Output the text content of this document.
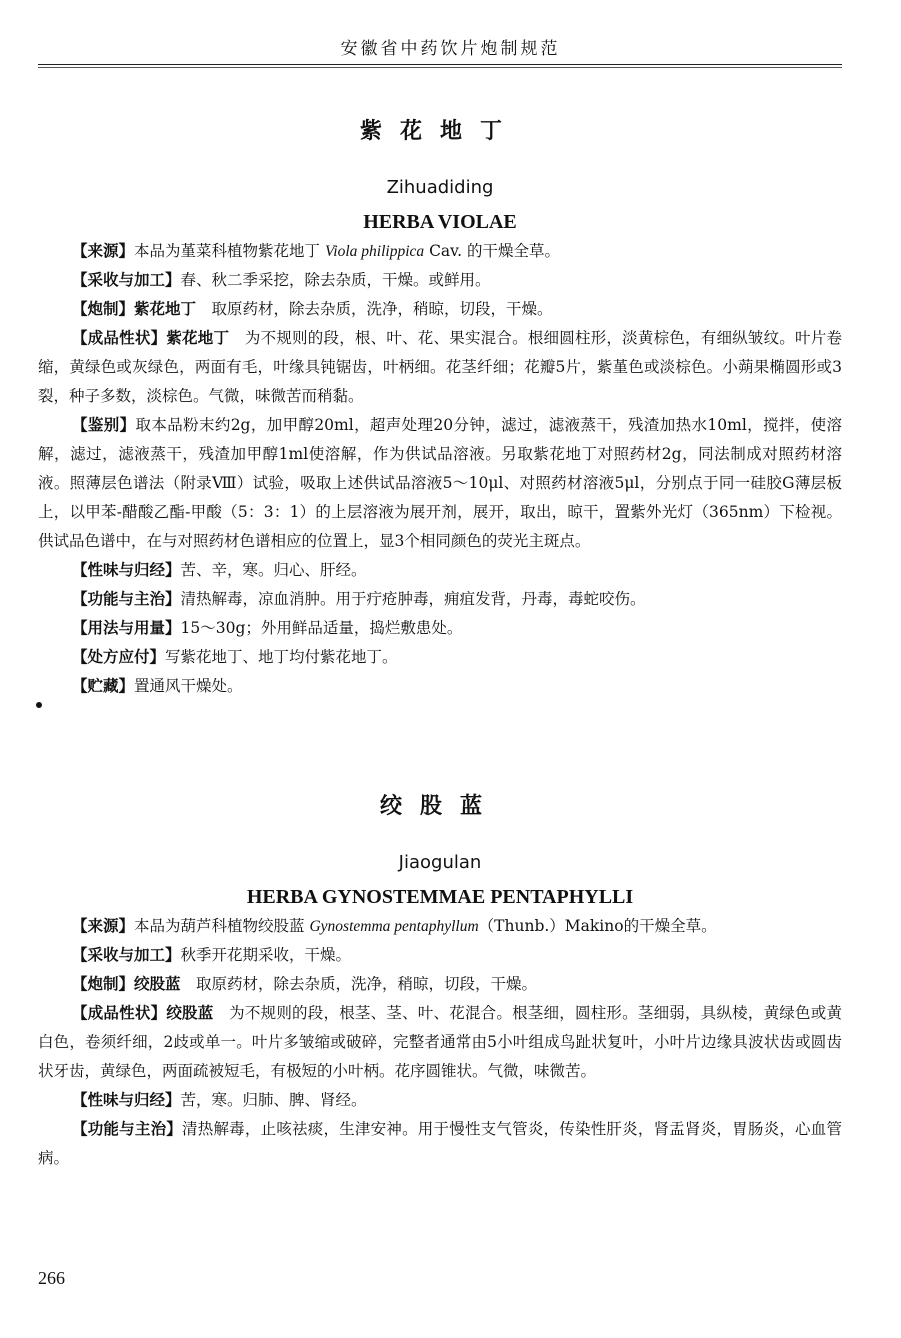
安徽省中药饮片炮制规范
紫花地丁
Zihuadiding
HERBA VIOLAE

【来源】本品为堇菜科植物紫花地丁 Viola philippica Cav. 的干燥全草。

【采收与加工】春、秋二季采挖，除去杂质，干燥。或鲜用。

【炮制】紫花地丁　取原药材，除去杂质，洗净，稍晾，切段，干燥。

【成品性状】紫花地丁　为不规则的段，根、叶、花、果实混合。根细圆柱形，淡黄棕色，有细纵皱纹。叶片卷缩，黄绿色或灰绿色，两面有毛，叶缘具钝锯齿，叶柄细。花茎纤细；花瓣5片，紫堇色或淡棕色。小蒴果椭圆形或3裂，种子多数，淡棕色。气微，味微苦而稍黏。

【鉴别】取本品粉末约2g，加甲醇20ml，超声处理20分钟，滤过，滤液蒸干，残渣加热水10ml，搅拌，使溶解，滤过，滤液蒸干，残渣加甲醇1ml使溶解，作为供试品溶液。另取紫花地丁对照药材2g，同法制成对照药材溶液。照薄层色谱法（附录Ⅷ）试验，吸取上述供试品溶液5～10μl、对照药材溶液5μl，分别点于同一硅胶G薄层板上，以甲苯-醋酸乙酯-甲酸（5：3：1）的上层溶液为展开剂，展开，取出，晾干，置紫外光灯（365nm）下检视。供试品色谱中，在与对照药材色谱相应的位置上，显3个相同颜色的荧光主斑点。

【性味与归经】苦、辛，寒。归心、肝经。

【功能与主治】清热解毒，凉血消肿。用于疔疮肿毒，痈疽发背，丹毒，毒蛇咬伤。

【用法与用量】15～30g；外用鲜品适量，捣烂敷患处。

【处方应付】写紫花地丁、地丁均付紫花地丁。

【贮藏】置通风干燥处。

绞股蓝
Jiaogulan
HERBA GYNOSTEMMAE PENTAPHYLLI

【来源】本品为葫芦科植物绞股蓝 Gynostemma pentaphyllum（Thunb.）Makino的干燥全草。

【采收与加工】秋季开花期采收，干燥。

【炮制】绞股蓝　取原药材，除去杂质，洗净，稍晾，切段，干燥。

【成品性状】绞股蓝　为不规则的段，根茎、茎、叶、花混合。根茎细，圆柱形。茎细弱，具纵棱，黄绿色或黄白色，卷须纤细，2歧或单一。叶片多皱缩或破碎，完整者通常由5小叶组成鸟趾状复叶，小叶片边缘具波状齿或圆齿状牙齿，黄绿色，两面疏被短毛，有极短的小叶柄。花序圆锥状。气微，味微苦。

【性味与归经】苦，寒。归肺、脾、肾经。

【功能与主治】清热解毒，止咳祛痰，生津安神。用于慢性支气管炎，传染性肝炎，肾盂肾炎，胃肠炎，心血管病。

266
